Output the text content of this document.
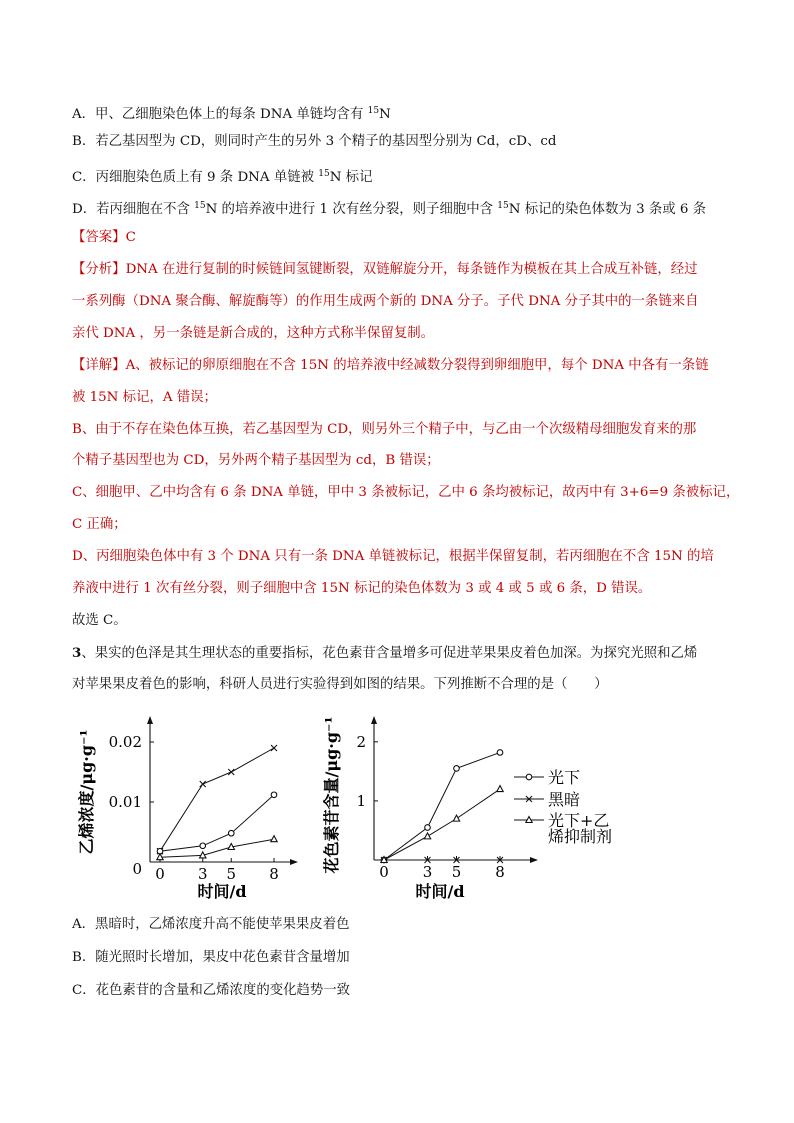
A．甲、乙细胞染色体上的每条 DNA 单链均含有 $^{15}$N
B．若乙基因型为 CD，则同时产生的另外 3 个精子的基因型分别为 Cd，cD、cd
C．丙细胞染色质上有 9 条 DNA 单链被 $^{15}$N 标记
D．若丙细胞在不含 $^{15}$N 的培养液中进行 1 次有丝分裂，则子细胞中含 $^{15}$N 标记的染色体数为 3 条或 6 条
【答案】C
【分析】DNA 在进行复制的时候链间氢键断裂，双链解旋分开，每条链作为模板在其上合成互补链，经过
一系列酶（DNA 聚合酶、解旋酶等）的作用生成两个新的 DNA 分子。子代 DNA 分子其中的一条链来自
亲代 DNA ，另一条链是新合成的，这种方式称半保留复制。
【详解】A、被标记的卵原细胞在不含 15N 的培养液中经减数分裂得到卵细胞甲，每个 DNA 中各有一条链
被 15N 标记，A 错误；
B、由于不存在染色体互换，若乙基因型为 CD，则另外三个精子中，与乙由一个次级精母细胞发育来的那
个精子基因型也为 CD，另外两个精子基因型为 cd，B 错误；
C、细胞甲、乙中均含有 6 条 DNA 单链，甲中 3 条被标记，乙中 6 条均被标记，故丙中有 3+6=9 条被标记，
C 正确；
D、丙细胞染色体中有 3 个 DNA 只有一条 DNA 单链被标记，根据半保留复制，若丙细胞在不含 15N 的培
养液中进行 1 次有丝分裂，则子细胞中含 15N 标记的染色体数为 3 或 4 或 5 或 6 条，D 错误。
故选 C。
3、果实的色泽是其生理状态的重要指标，花色素苷含量增多可促进苹果果皮着色加深。为探究光照和乙烯
对苹果果皮着色的影响，科研人员进行实验得到如图的结果。下列推断不合理的是（　　）
乙烯浓度/μg·g⁻¹
时间/d
0 3 5 8
0
0.01
0.02	花色素苷含量/μg·g⁻¹
时间/d
0 3 5 8
1
2
光下
黑暗
光下+乙
烯抑制剂
A．黑暗时，乙烯浓度升高不能使苹果果皮着色
B．随光照时长增加，果皮中花色素苷含量增加
C．花色素苷的含量和乙烯浓度的变化趋势一致
